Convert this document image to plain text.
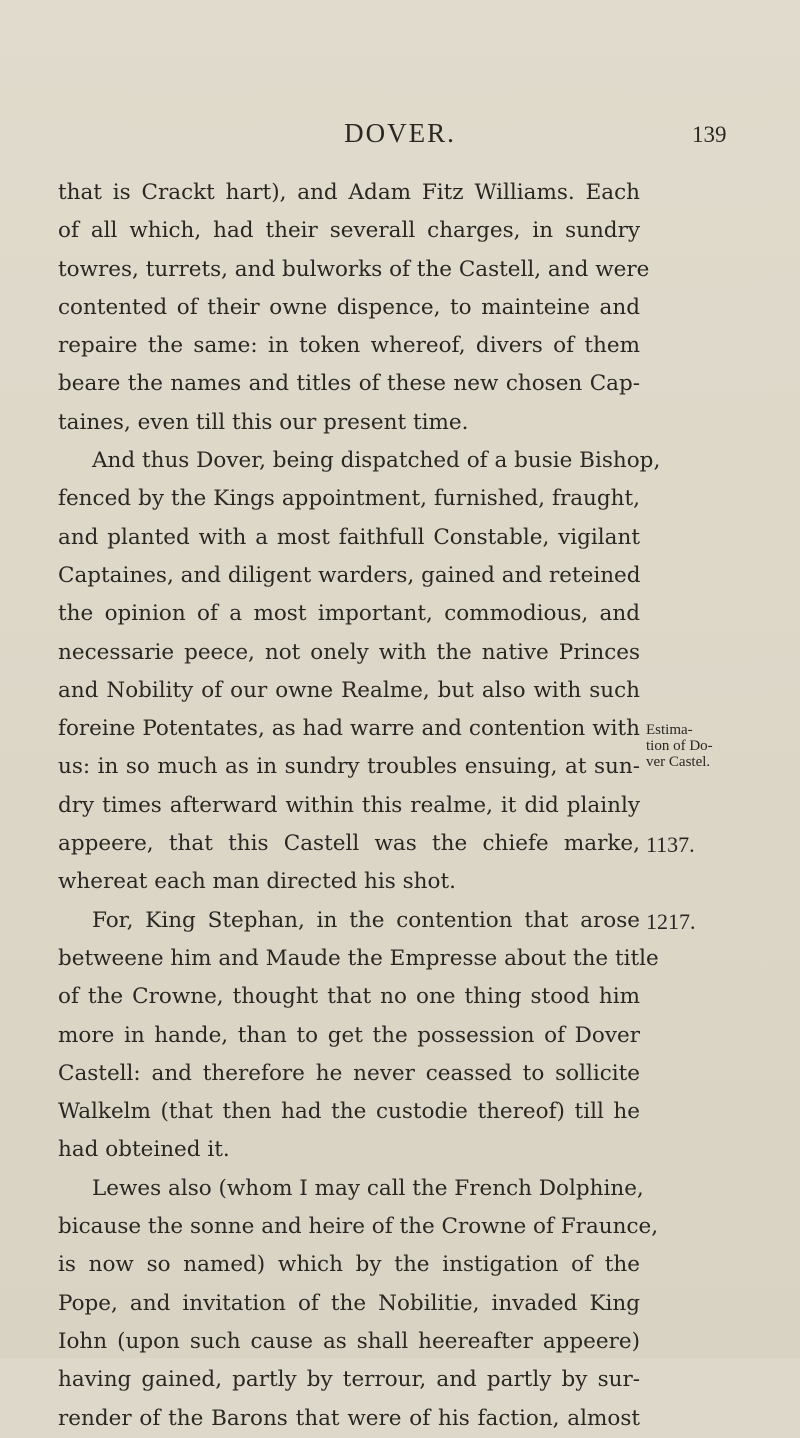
DOVER.	139
that is Crackt hart), and Adam Fitz Williams. Each
of all which, had their severall charges, in sundry
towres, turrets, and bulworks of the Castell, and were
contented of their owne dispence, to mainteine and
repaire the same: in token whereof, divers of them
beare the names and titles of these new chosen Cap-
taines, even till this our present time.
And thus Dover, being dispatched of a busie Bishop,
fenced by the Kings appointment, furnished, fraught,
and planted with a most faithfull Constable, vigilant
Captaines, and diligent warders, gained and reteined
the opinion of a most important, commodious, and
necessarie peece, not onely with the native Princes
and Nobility of our owne Realme, but also with such
foreine Potentates, as had warre and contention with
us: in so much as in sundry troubles ensuing, at sun-
dry times afterward within this realme, it did plainly
appeere, that this Castell was the chiefe marke,
whereat each man directed his shot.
For, King Stephan, in the contention that arose
betweene him and Maude the Empresse about the title
of the Crowne, thought that no one thing stood him
more in hande, than to get the possession of Dover
Castell: and therefore he never ceassed to sollicite
Walkelm (that then had the custodie thereof) till he
had obteined it.
Lewes also (whom I may call the French Dolphine,
bicause the sonne and heire of the Crowne of Fraunce,
is now so named) which by the instigation of the
Pope, and invitation of the Nobilitie, invaded King
Iohn (upon such cause as shall heereafter appeere)
having gained, partly by terrour, and partly by sur-
render of the Barons that were of his faction, almost
Estima-
tion of Do-
ver Castel.
1137.
1217.
